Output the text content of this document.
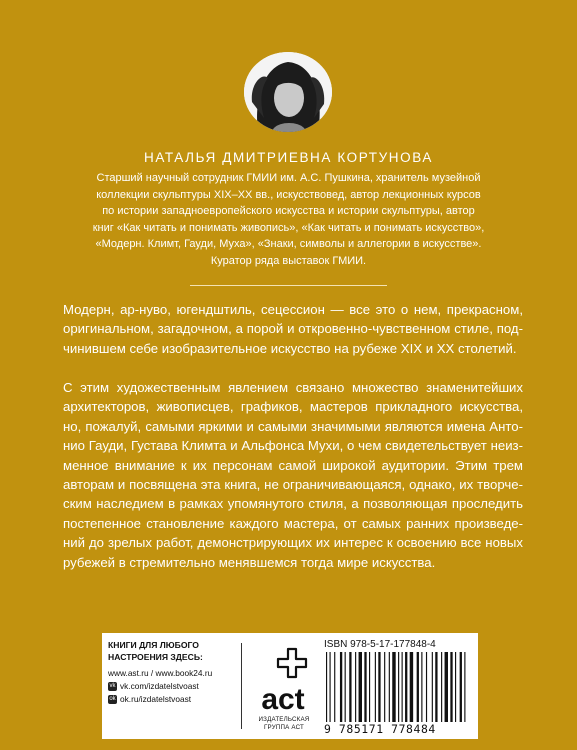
НАТАЛЬЯ ДМИТРИЕВНА КОРТУНОВА
Старший научный сотрудник ГМИИ им. А.С. Пушкина, хранитель музейной
коллекции скульптуры XIX–XX вв., искусствовед, автор лекционных курсов
по истории западноевропейского искусства и истории скульптуры, автор
книг «Как читать и понимать живопись», «Как читать и понимать искусство»,
«Модерн. Климт, Гауди, Муха», «Знаки, символы и аллегории в искусстве».
Куратор ряда выставок ГМИИ.
Модерн, ар-нуво, югендштиль, сецессион — все это о нем, прекрасном,
оригинальном, загадочном, а порой и откровенно-чувственном стиле, под-
чинившем себе изобразительное искусство на рубеже XIX и XX столетий.
С этим художественным явлением связано множество знаменитейших
архитекторов, живописцев, графиков, мастеров прикладного искусства,
но, пожалуй, самыми яркими и самыми значимыми являются имена Анто-
нио Гауди, Густава Климта и Альфонса Мухи, о чем свидетельствует неиз-
менное внимание к их персонам самой широкой аудитории. Этим трем
авторам и посвящена эта книга, не ограничивающаяся, однако, их творче-
ским наследием в рамках упомянутого стиля, а позволяющая проследить
постепенное становление каждого мастера, от самых ранних произведе-
ний до зрелых работ, демонстрирующих их интерес к освоению все новых
рубежей в стремительно менявшемся тогда мире искусства.
КНИГИ ДЛЯ ЛЮБОГО
НАСТРОЕНИЯ ЗДЕСЬ:
www.ast.ru / www.book24.ru
vk vk.com/izdatelstvoast
ok ok.ru/izdatelstvoast act
ИЗДАТЕЛЬСКАЯ
ГРУППА АСТ
ISBN 978-5-17-177848-4
9 785171 778484
